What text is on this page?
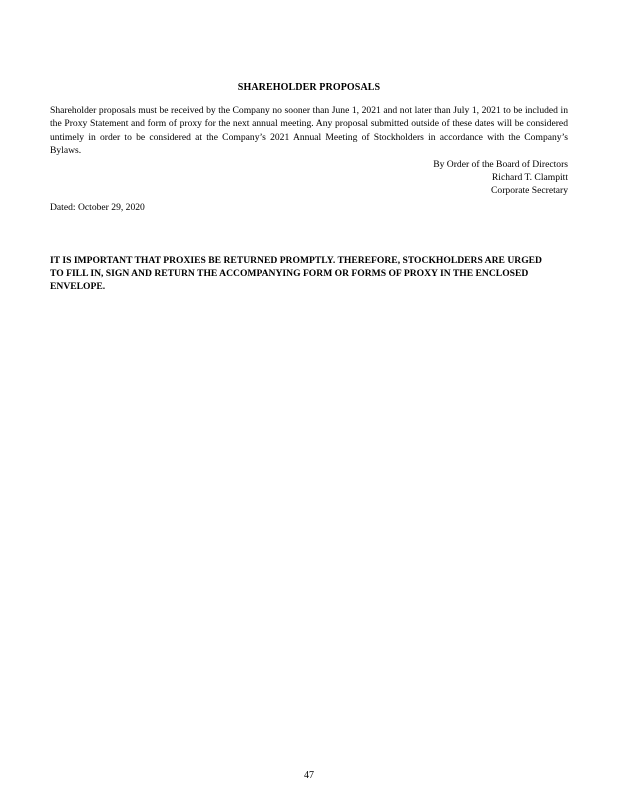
SHAREHOLDER PROPOSALS

Shareholder proposals must be received by the Company no sooner than June 1, 2021 and not later than July 1, 2021 to be included in the Proxy Statement and form of proxy for the next annual meeting. Any proposal submitted outside of these dates will be considered untimely in order to be considered at the Company’s 2021 Annual Meeting of Stockholders in accordance with the Company’s Bylaws.

By Order of the Board of Directors
Richard T. Clampitt
Corporate Secretary
Dated: October 29, 2020

IT IS IMPORTANT THAT PROXIES BE RETURNED PROMPTLY. THEREFORE, STOCKHOLDERS ARE URGED TO FILL IN, SIGN AND RETURN THE ACCOMPANYING FORM OR FORMS OF PROXY IN THE ENCLOSED ENVELOPE.

47
